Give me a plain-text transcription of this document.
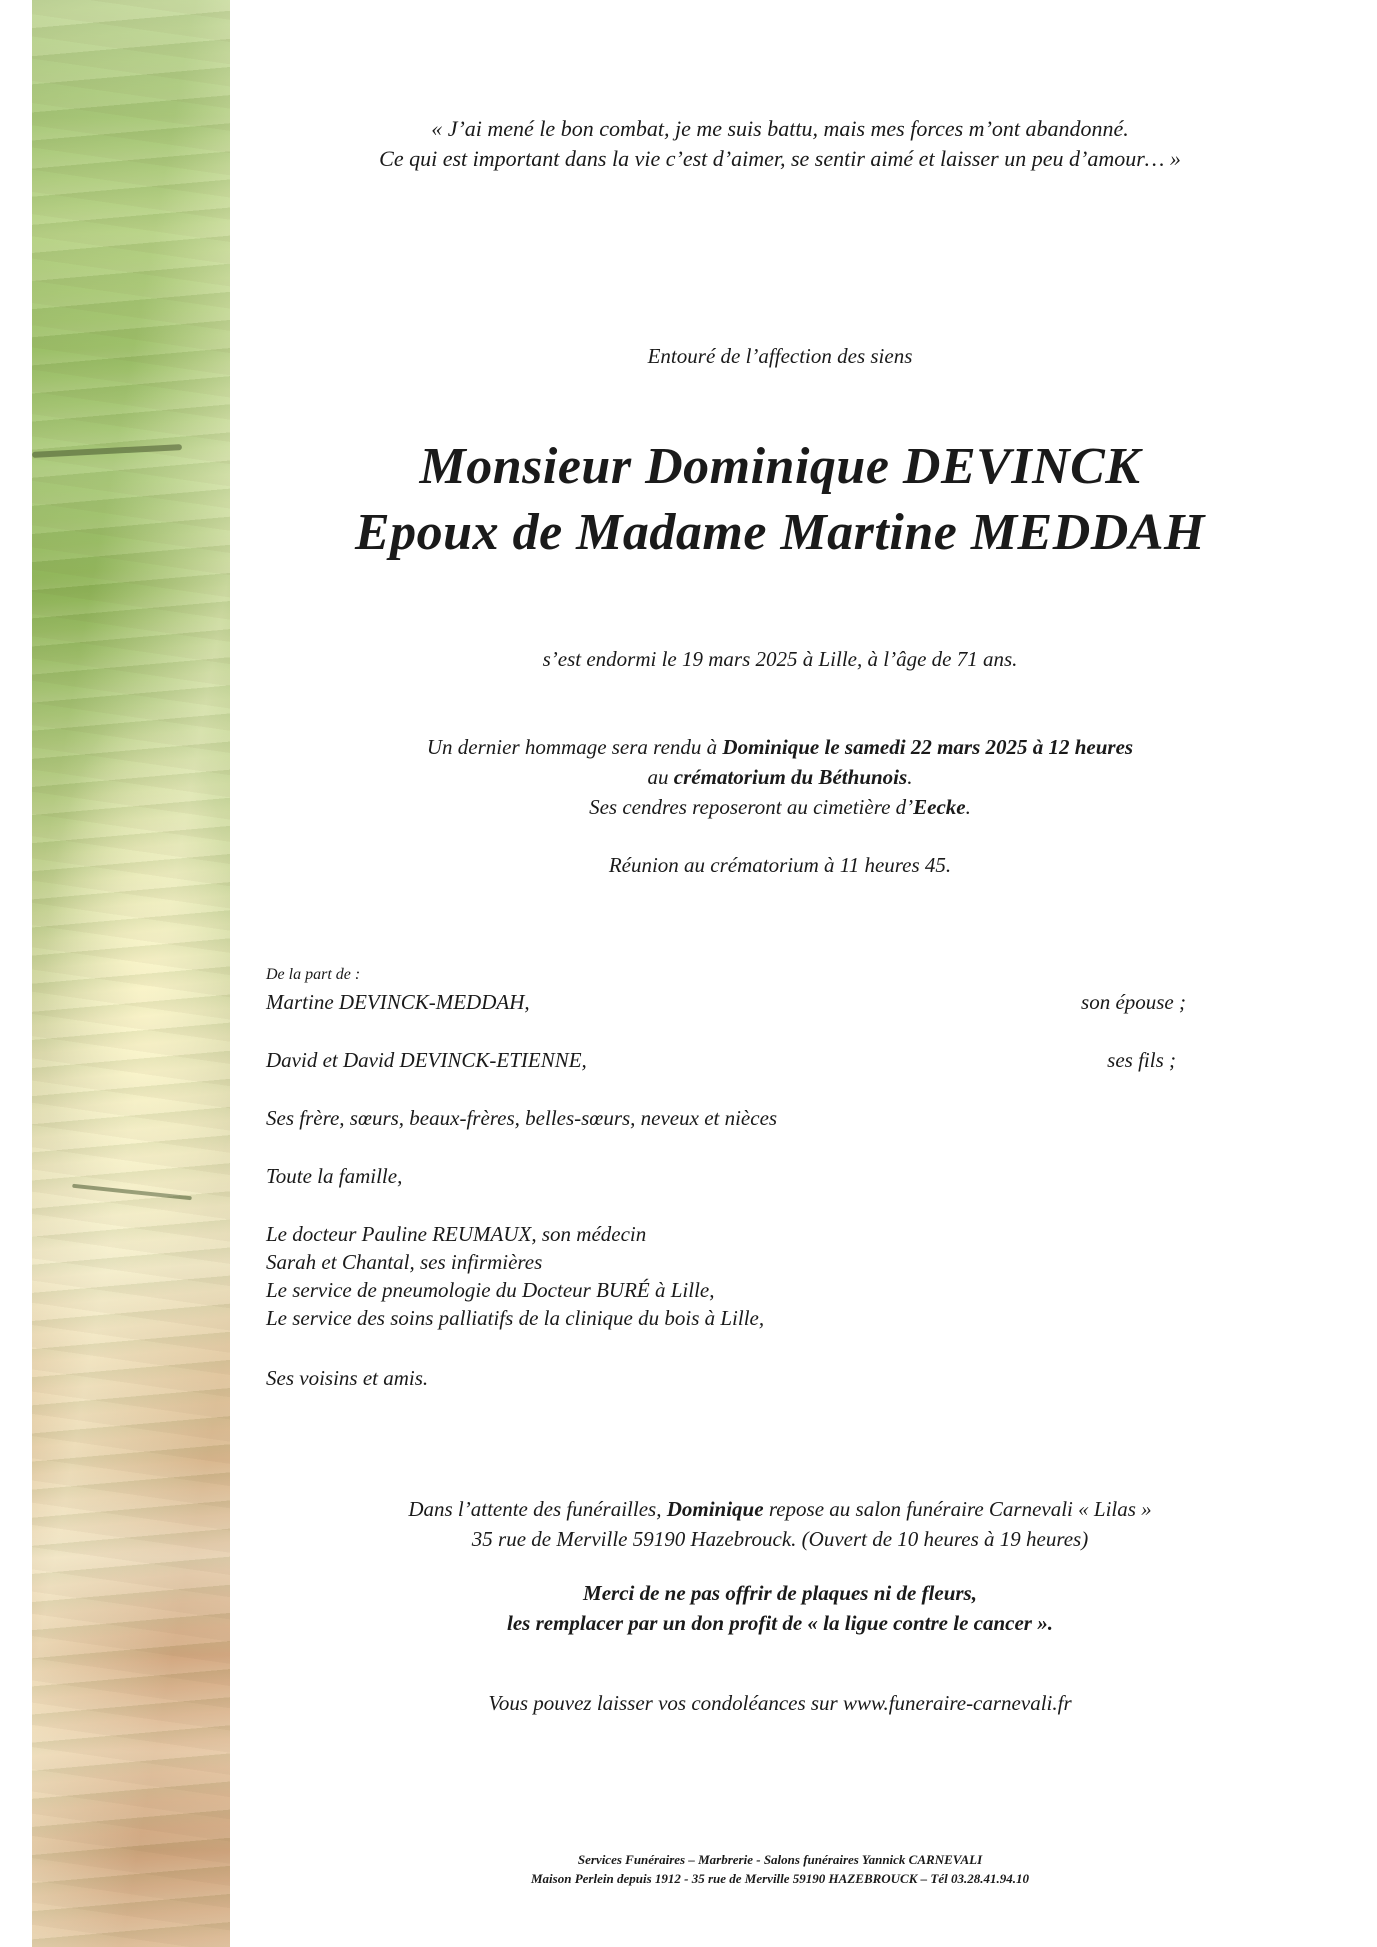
« J’ai mené le bon combat, je me suis battu, mais mes forces m’ont abandonné.
Ce qui est important dans la vie c’est d’aimer, se sentir aimé et laisser un peu d’amour… »
Entouré de l’affection des siens
Monsieur Dominique DEVINCK
Epoux de Madame Martine MEDDAH
s’est endormi le 19 mars 2025 à Lille, à l’âge de 71 ans.
Un dernier hommage sera rendu à Dominique le samedi 22 mars 2025 à 12 heures
au crématorium du Béthunois.
Ses cendres reposeront au cimetière d’Eecke.
Réunion au crématorium à 11 heures 45.
De la part de :
Martine DEVINCK-MEDDAH,	son épouse ;
David et David DEVINCK-ETIENNE,	ses fils ;
Ses frère, sœurs, beaux-frères, belles-sœurs, neveux et nièces
Toute la famille,
Le docteur Pauline REUMAUX, son médecin
Sarah et Chantal, ses infirmières
Le service de pneumologie du Docteur BURÉ à Lille,
Le service des soins palliatifs de la clinique du bois à Lille,
Ses voisins et amis.
Dans l’attente des funérailles, Dominique repose au salon funéraire Carnevali « Lilas »
35 rue de Merville 59190 Hazebrouck. (Ouvert de 10 heures à 19 heures)
Merci de ne pas offrir de plaques ni de fleurs,
les remplacer par un don profit de « la ligue contre le cancer ».
Vous pouvez laisser vos condoléances sur www.funeraire-carnevali.fr
Services Funéraires – Marbrerie - Salons funéraires Yannick CARNEVALI
Maison Perlein depuis 1912 - 35 rue de Merville 59190 HAZEBROUCK – Tél 03.28.41.94.10
